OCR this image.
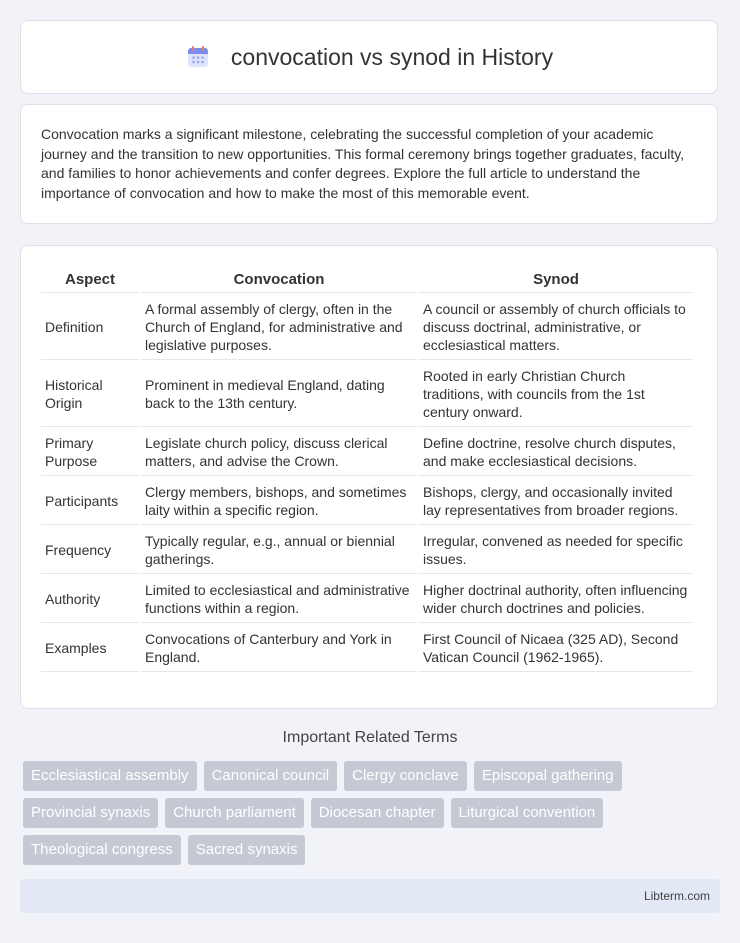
convocation vs synod in History

Convocation marks a significant milestone, celebrating the successful completion of your academic journey and the transition to new opportunities. This formal ceremony brings together graduates, faculty, and families to honor achievements and confer degrees. Explore the full article to understand the importance of convocation and how to make the most of this memorable event.

Aspect	Convocation	Synod
Definition	A formal assembly of clergy, often in the Church of England, for administrative and legislative purposes.	A council or assembly of church officials to discuss doctrinal, administrative, or ecclesiastical matters.
Historical Origin	Prominent in medieval England, dating back to the 13th century.	Rooted in early Christian Church traditions, with councils from the 1st century onward.
Primary Purpose	Legislate church policy, discuss clerical matters, and advise the Crown.	Define doctrine, resolve church disputes, and make ecclesiastical decisions.
Participants	Clergy members, bishops, and sometimes laity within a specific region.	Bishops, clergy, and occasionally invited lay representatives from broader regions.
Frequency	Typically regular, e.g., annual or biennial gatherings.	Irregular, convened as needed for specific issues.
Authority	Limited to ecclesiastical and administrative functions within a region.	Higher doctrinal authority, often influencing wider church doctrines and policies.
Examples	Convocations of Canterbury and York in England.	First Council of Nicaea (325 AD), Second Vatican Council (1962-1965).
Important Related Terms
Ecclesiastical assembly	Canonical council	Clergy conclave	Episcopal gathering
Provincial synaxis	Church parliament	Diocesan chapter	Liturgical convention
Theological congress	Sacred synaxis
Libterm.com
